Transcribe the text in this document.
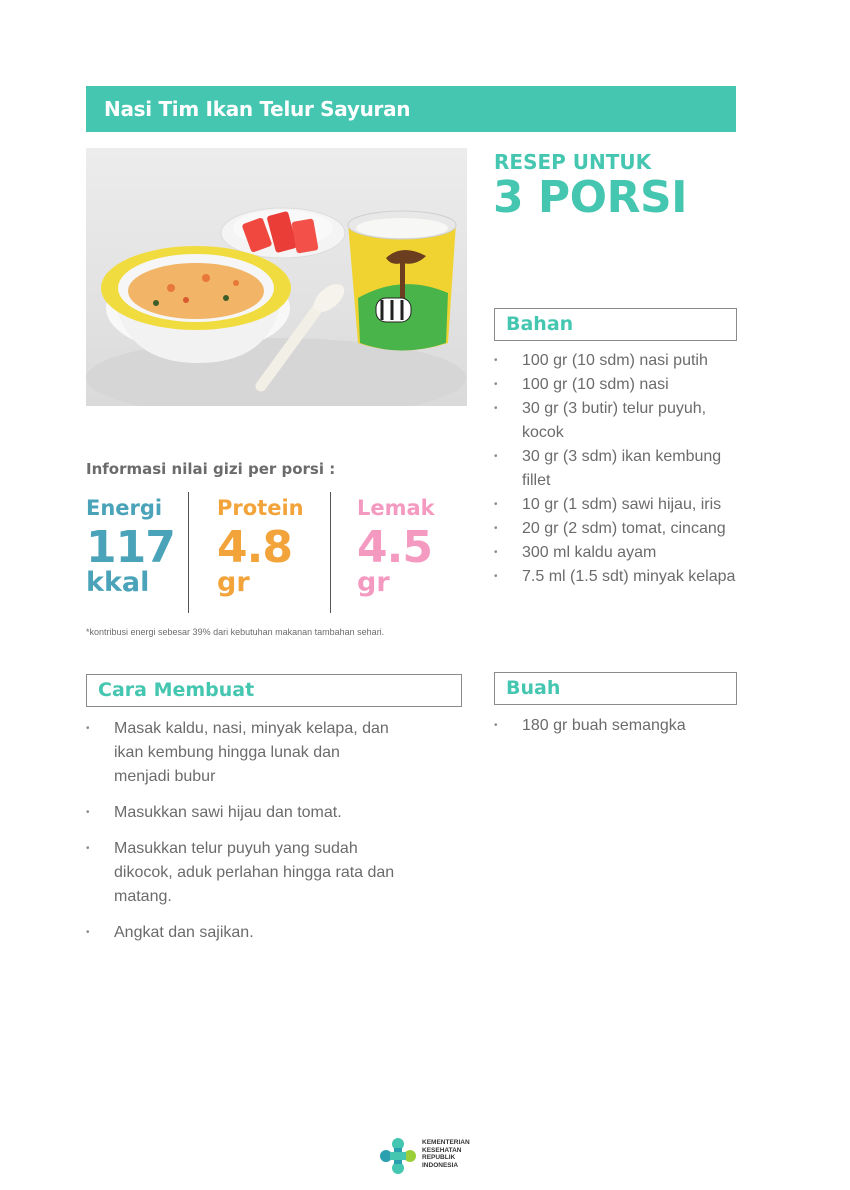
Nasi Tim Ikan Telur Sayuran
RESEP UNTUK
3 PORSI
Bahan
• 100 gr (10 sdm) nasi putih
• 100 gr (10 sdm) nasi
• 30 gr (3 butir) telur puyuh, kocok
• 30 gr (3 sdm) ikan kembung fillet
• 10 gr (1 sdm) sawi hijau, iris
• 20 gr (2 sdm) tomat, cincang
• 300 ml kaldu ayam
• 7.5 ml (1.5 sdt) minyak kelapa
Buah
• 180 gr buah semangka
Informasi nilai gizi per porsi :
Energi
117
kkal
Protein
4.8
gr
Lemak
4.5
gr
*kontribusi energi sebesar 39% dari kebutuhan makanan tambahan sehari.
Cara Membuat
• Masak kaldu, nasi, minyak kelapa, dan ikan kembung hingga lunak dan menjadi bubur
• Masukkan sawi hijau dan tomat.
• Masukkan telur puyuh yang sudah dikocok, aduk perlahan hingga rata dan matang.
• Angkat dan sajikan.
KEMENTERIAN
KESEHATAN
REPUBLIK
INDONESIA
